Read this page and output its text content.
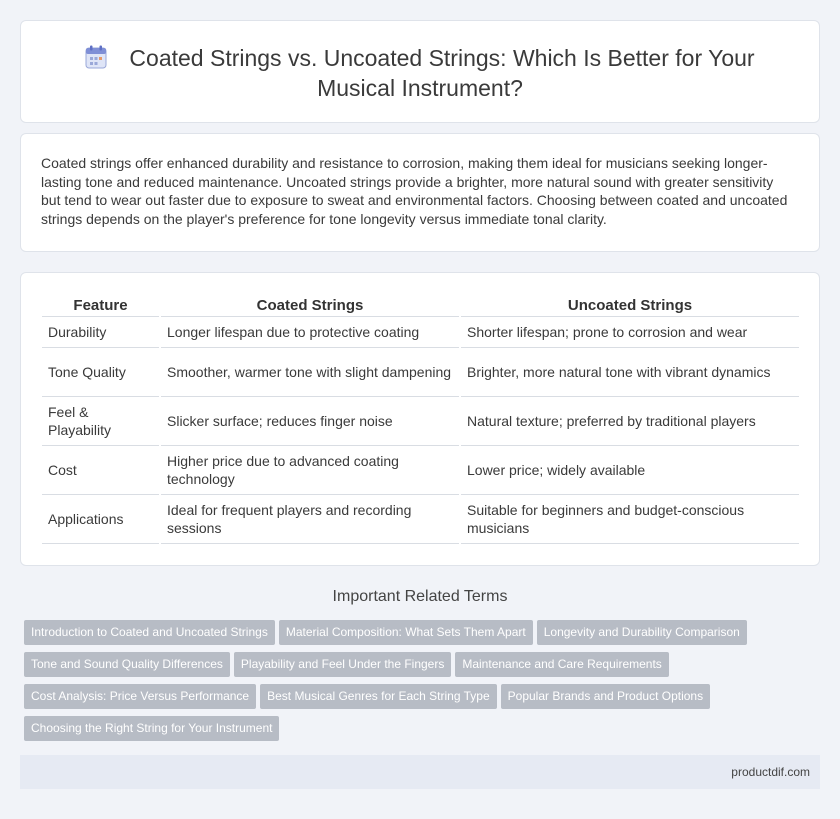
Coated Strings vs. Uncoated Strings: Which Is Better for Your Musical Instrument?

Coated strings offer enhanced durability and resistance to corrosion, making them ideal for musicians seeking longer-lasting tone and reduced maintenance. Uncoated strings provide a brighter, more natural sound with greater sensitivity but tend to wear out faster due to exposure to sweat and environmental factors. Choosing between coated and uncoated strings depends on the player's preference for tone longevity versus immediate tonal clarity.

Feature	Coated Strings	Uncoated Strings
Durability	Longer lifespan due to protective coating	Shorter lifespan; prone to corrosion and wear
Tone Quality	Smoother, warmer tone with slight dampening	Brighter, more natural tone with vibrant dynamics
Feel & Playability	Slicker surface; reduces finger noise	Natural texture; preferred by traditional players
Cost	Higher price due to advanced coating technology	Lower price; widely available
Applications	Ideal for frequent players and recording sessions	Suitable for beginners and budget-conscious musicians
Important Related Terms
Introduction to Coated and Uncoated Strings Material Composition: What Sets Them Apart Longevity and Durability Comparison
Tone and Sound Quality Differences Playability and Feel Under the Fingers Maintenance and Care Requirements
Cost Analysis: Price Versus Performance Best Musical Genres for Each String Type Popular Brands and Product Options
Choosing the Right String for Your Instrument
productdif.com
